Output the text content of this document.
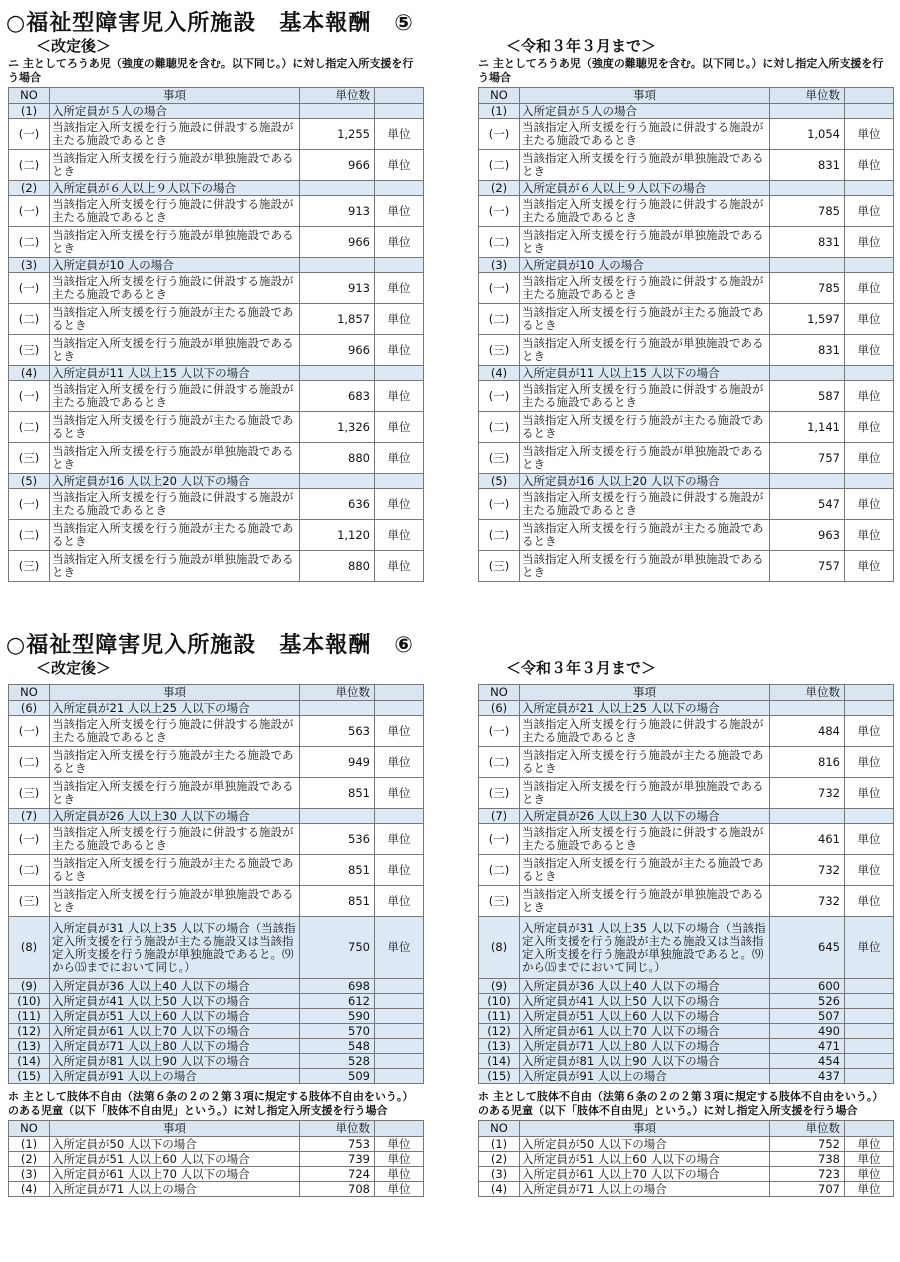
○福祉型障害児入所施設　基本報酬　⑤
＜改定後＞
ニ 主としてろうあ児（強度の難聴児を含む。以下同じ。）に対し指定入所支援を行う場合
NO	事項	単位数	
(1)	入所定員が５人の場合		
(一)	当該指定入所支援を行う施設に併設する施設が主たる施設であるとき	1,255	単位
(二)	当該指定入所支援を行う施設が単独施設であるとき	966	単位
(2)	入所定員が６人以上９人以下の場合		
(一)	当該指定入所支援を行う施設に併設する施設が主たる施設であるとき	913	単位
(二)	当該指定入所支援を行う施設が単独施設であるとき	966	単位
(3)	入所定員が10 人の場合		
(一)	当該指定入所支援を行う施設に併設する施設が主たる施設であるとき	913	単位
(二)	当該指定入所支援を行う施設が主たる施設であるとき	1,857	単位
(三)	当該指定入所支援を行う施設が単独施設であるとき	966	単位
(4)	入所定員が11 人以上15 人以下の場合		
(一)	当該指定入所支援を行う施設に併設する施設が主たる施設であるとき	683	単位
(二)	当該指定入所支援を行う施設が主たる施設であるとき	1,326	単位
(三)	当該指定入所支援を行う施設が単独施設であるとき	880	単位
(5)	入所定員が16 人以上20 人以下の場合		
(一)	当該指定入所支援を行う施設に併設する施設が主たる施設であるとき	636	単位
(二)	当該指定入所支援を行う施設が主たる施設であるとき	1,120	単位
(三)	当該指定入所支援を行う施設が単独施設であるとき	880	単位
＜令和３年３月まで＞
ニ 主としてろうあ児（強度の難聴児を含む。以下同じ。）に対し指定入所支援を行う場合
NO	事項	単位数	
(1)	入所定員が５人の場合		
(一)	当該指定入所支援を行う施設に併設する施設が主たる施設であるとき	1,054	単位
(二)	当該指定入所支援を行う施設が単独施設であるとき	831	単位
(2)	入所定員が６人以上９人以下の場合		
(一)	当該指定入所支援を行う施設に併設する施設が主たる施設であるとき	785	単位
(二)	当該指定入所支援を行う施設が単独施設であるとき	831	単位
(3)	入所定員が10 人の場合		
(一)	当該指定入所支援を行う施設に併設する施設が主たる施設であるとき	785	単位
(二)	当該指定入所支援を行う施設が主たる施設であるとき	1,597	単位
(三)	当該指定入所支援を行う施設が単独施設であるとき	831	単位
(4)	入所定員が11 人以上15 人以下の場合		
(一)	当該指定入所支援を行う施設に併設する施設が主たる施設であるとき	587	単位
(二)	当該指定入所支援を行う施設が主たる施設であるとき	1,141	単位
(三)	当該指定入所支援を行う施設が単独施設であるとき	757	単位
(5)	入所定員が16 人以上20 人以下の場合		
(一)	当該指定入所支援を行う施設に併設する施設が主たる施設であるとき	547	単位
(二)	当該指定入所支援を行う施設が主たる施設であるとき	963	単位
(三)	当該指定入所支援を行う施設が単独施設であるとき	757	単位
○福祉型障害児入所施設　基本報酬　⑥
＜改定後＞
NO	事項	単位数	
(6)	入所定員が21 人以上25 人以下の場合		
(一)	当該指定入所支援を行う施設に併設する施設が主たる施設であるとき	563	単位
(二)	当該指定入所支援を行う施設が主たる施設であるとき	949	単位
(三)	当該指定入所支援を行う施設が単独施設であるとき	851	単位
(7)	入所定員が26 人以上30 人以下の場合		
(一)	当該指定入所支援を行う施設に併設する施設が主たる施設であるとき	536	単位
(二)	当該指定入所支援を行う施設が主たる施設であるとき	851	単位
(三)	当該指定入所支援を行う施設が単独施設であるとき	851	単位
(8)	入所定員が31 人以上35 人以下の場合（当該指定入所支援を行う施設が主たる施設又は当該指定入所支援を行う施設が単独施設であると。⑼から⒂までにおいて同じ。）	750	単位
(9)	入所定員が36 人以上40 人以下の場合	698	
(10)	入所定員が41 人以上50 人以下の場合	612	
(11)	入所定員が51 人以上60 人以下の場合	590	
(12)	入所定員が61 人以上70 人以下の場合	570	
(13)	入所定員が71 人以上80 人以下の場合	548	
(14)	入所定員が81 人以上90 人以下の場合	528	
(15)	入所定員が91 人以上の場合	509	
ホ 主として肢体不自由（法第６条の２の２第３項に規定する肢体不自由をいう。）のある児童（以下「肢体不自由児」という。）に対し指定入所支援を行う場合
NO	事項	単位数	
(1)	入所定員が50 人以下の場合	753	単位
(2)	入所定員が51 人以上60 人以下の場合	739	単位
(3)	入所定員が61 人以上70 人以下の場合	724	単位
(4)	入所定員が71 人以上の場合	708	単位
＜令和３年３月まで＞
NO	事項	単位数	
(6)	入所定員が21 人以上25 人以下の場合		
(一)	当該指定入所支援を行う施設に併設する施設が主たる施設であるとき	484	単位
(二)	当該指定入所支援を行う施設が主たる施設であるとき	816	単位
(三)	当該指定入所支援を行う施設が単独施設であるとき	732	単位
(7)	入所定員が26 人以上30 人以下の場合		
(一)	当該指定入所支援を行う施設に併設する施設が主たる施設であるとき	461	単位
(二)	当該指定入所支援を行う施設が主たる施設であるとき	732	単位
(三)	当該指定入所支援を行う施設が単独施設であるとき	732	単位
(8)	入所定員が31 人以上35 人以下の場合（当該指定入所支援を行う施設が主たる施設又は当該指定入所支援を行う施設が単独施設であると。⑼から⒂までにおいて同じ。）	645	単位
(9)	入所定員が36 人以上40 人以下の場合	600	
(10)	入所定員が41 人以上50 人以下の場合	526	
(11)	入所定員が51 人以上60 人以下の場合	507	
(12)	入所定員が61 人以上70 人以下の場合	490	
(13)	入所定員が71 人以上80 人以下の場合	471	
(14)	入所定員が81 人以上90 人以下の場合	454	
(15)	入所定員が91 人以上の場合	437	
ホ 主として肢体不自由（法第６条の２の２第３項に規定する肢体不自由をいう。）のある児童（以下「肢体不自由児」という。）に対し指定入所支援を行う場合
NO	事項	単位数	
(1)	入所定員が50 人以下の場合	752	単位
(2)	入所定員が51 人以上60 人以下の場合	738	単位
(3)	入所定員が61 人以上70 人以下の場合	723	単位
(4)	入所定員が71 人以上の場合	707	単位
